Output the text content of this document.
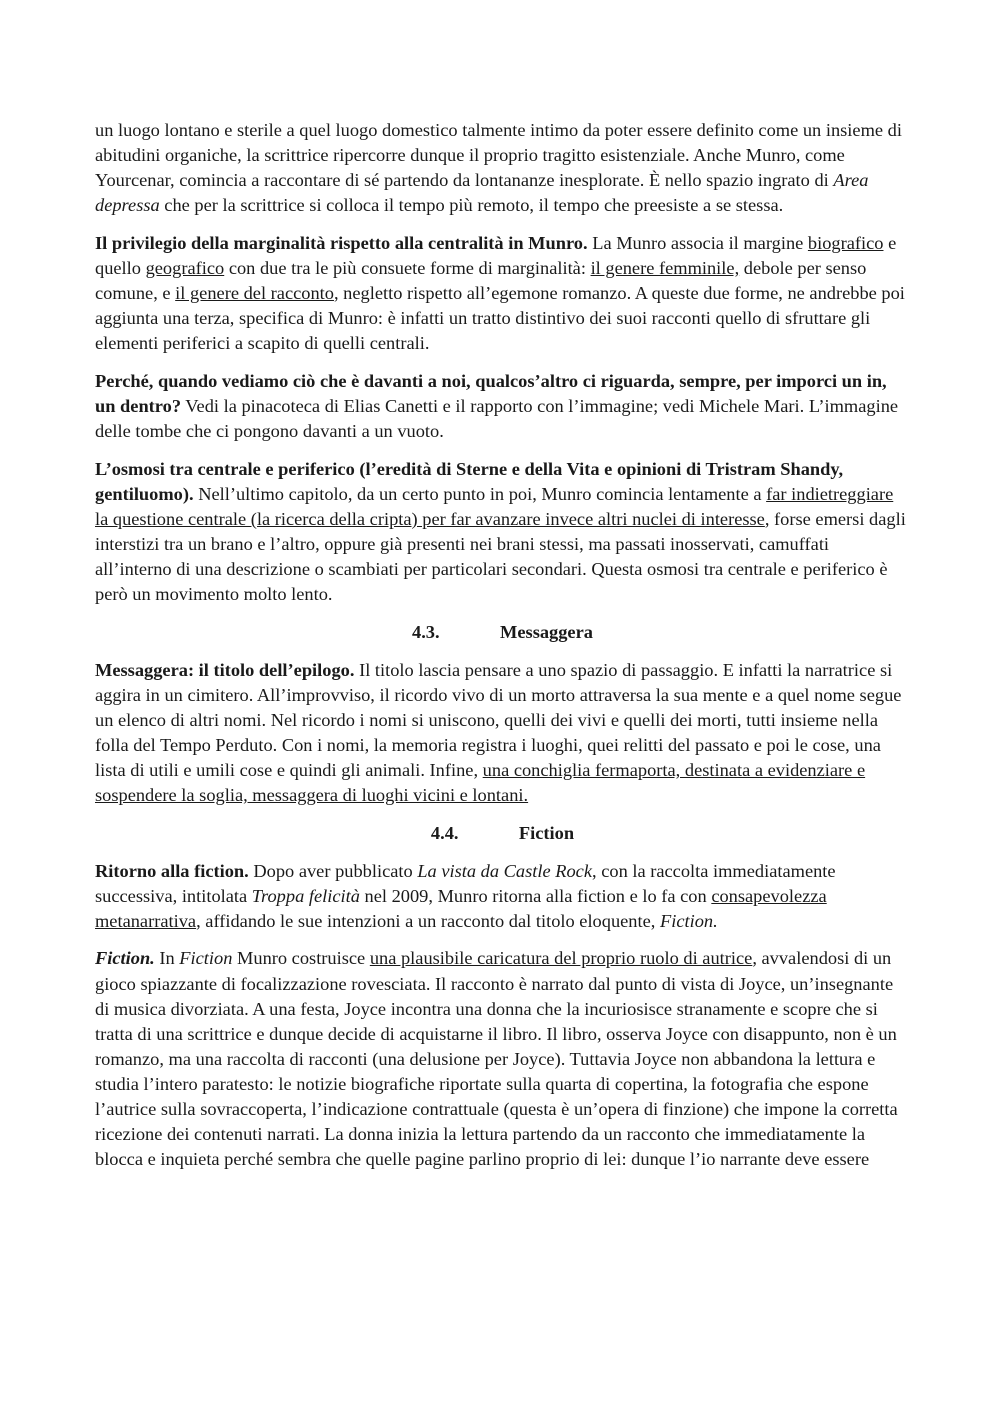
un luogo lontano e sterile a quel luogo domestico talmente intimo da poter essere definito come un insieme di abitudini organiche, la scrittrice ripercorre dunque il proprio tragitto esistenziale. Anche Munro, come Yourcenar, comincia a raccontare di sé partendo da lontananze inesplorate. È nello spazio ingrato di Area depressa che per la scrittrice si colloca il tempo più remoto, il tempo che preesiste a se stessa.

Il privilegio della marginalità rispetto alla centralità in Munro. La Munro associa il margine biografico e quello geografico con due tra le più consuete forme di marginalità: il genere femminile, debole per senso comune, e il genere del racconto, negletto rispetto all’egemone romanzo. A queste due forme, ne andrebbe poi aggiunta una terza, specifica di Munro: è infatti un tratto distintivo dei suoi racconti quello di sfruttare gli elementi periferici a scapito di quelli centrali.

Perché, quando vediamo ciò che è davanti a noi, qualcos’altro ci riguarda, sempre, per imporci un in, un dentro? Vedi la pinacoteca di Elias Canetti e il rapporto con l’immagine; vedi Michele Mari. L’immagine delle tombe che ci pongono davanti a un vuoto.

L’osmosi tra centrale e periferico (l’eredità di Sterne e della Vita e opinioni di Tristram Shandy, gentiluomo). Nell’ultimo capitolo, da un certo punto in poi, Munro comincia lentamente a far indietreggiare la questione centrale (la ricerca della cripta) per far avanzare invece altri nuclei di interesse, forse emersi dagli interstizi tra un brano e l’altro, oppure già presenti nei brani stessi, ma passati inosservati, camuffati all’interno di una descrizione o scambiati per particolari secondari. Questa osmosi tra centrale e periferico è però un movimento molto lento.

4.3.	Messaggera

Messaggera: il titolo dell’epilogo. Il titolo lascia pensare a uno spazio di passaggio. E infatti la narratrice si aggira in un cimitero. All’improvviso, il ricordo vivo di un morto attraversa la sua mente e a quel nome segue un elenco di altri nomi. Nel ricordo i nomi si uniscono, quelli dei vivi e quelli dei morti, tutti insieme nella folla del Tempo Perduto. Con i nomi, la memoria registra i luoghi, quei relitti del passato e poi le cose, una lista di utili e umili cose e quindi gli animali. Infine, una conchiglia fermaporta, destinata a evidenziare e sospendere la soglia, messaggera di luoghi vicini e lontani.

4.4.	Fiction

Ritorno alla fiction. Dopo aver pubblicato La vista da Castle Rock, con la raccolta immediatamente successiva, intitolata Troppa felicità nel 2009, Munro ritorna alla fiction e lo fa con consapevolezza metanarrativa, affidando le sue intenzioni a un racconto dal titolo eloquente, Fiction.

Fiction. In Fiction Munro costruisce una plausibile caricatura del proprio ruolo di autrice, avvalendosi di un gioco spiazzante di focalizzazione rovesciata. Il racconto è narrato dal punto di vista di Joyce, un’insegnante di musica divorziata. A una festa, Joyce incontra una donna che la incuriosisce stranamente e scopre che si tratta di una scrittrice e dunque decide di acquistarne il libro. Il libro, osserva Joyce con disappunto, non è un romanzo, ma una raccolta di racconti (una delusione per Joyce). Tuttavia Joyce non abbandona la lettura e studia l’intero paratesto: le notizie biografiche riportate sulla quarta di copertina, la fotografia che espone l’autrice sulla sovraccoperta, l’indicazione contrattuale (questa è un’opera di finzione) che impone la corretta ricezione dei contenuti narrati. La donna inizia la lettura partendo da un racconto che immediatamente la blocca e inquieta perché sembra che quelle pagine parlino proprio di lei: dunque l’io narrante deve essere
